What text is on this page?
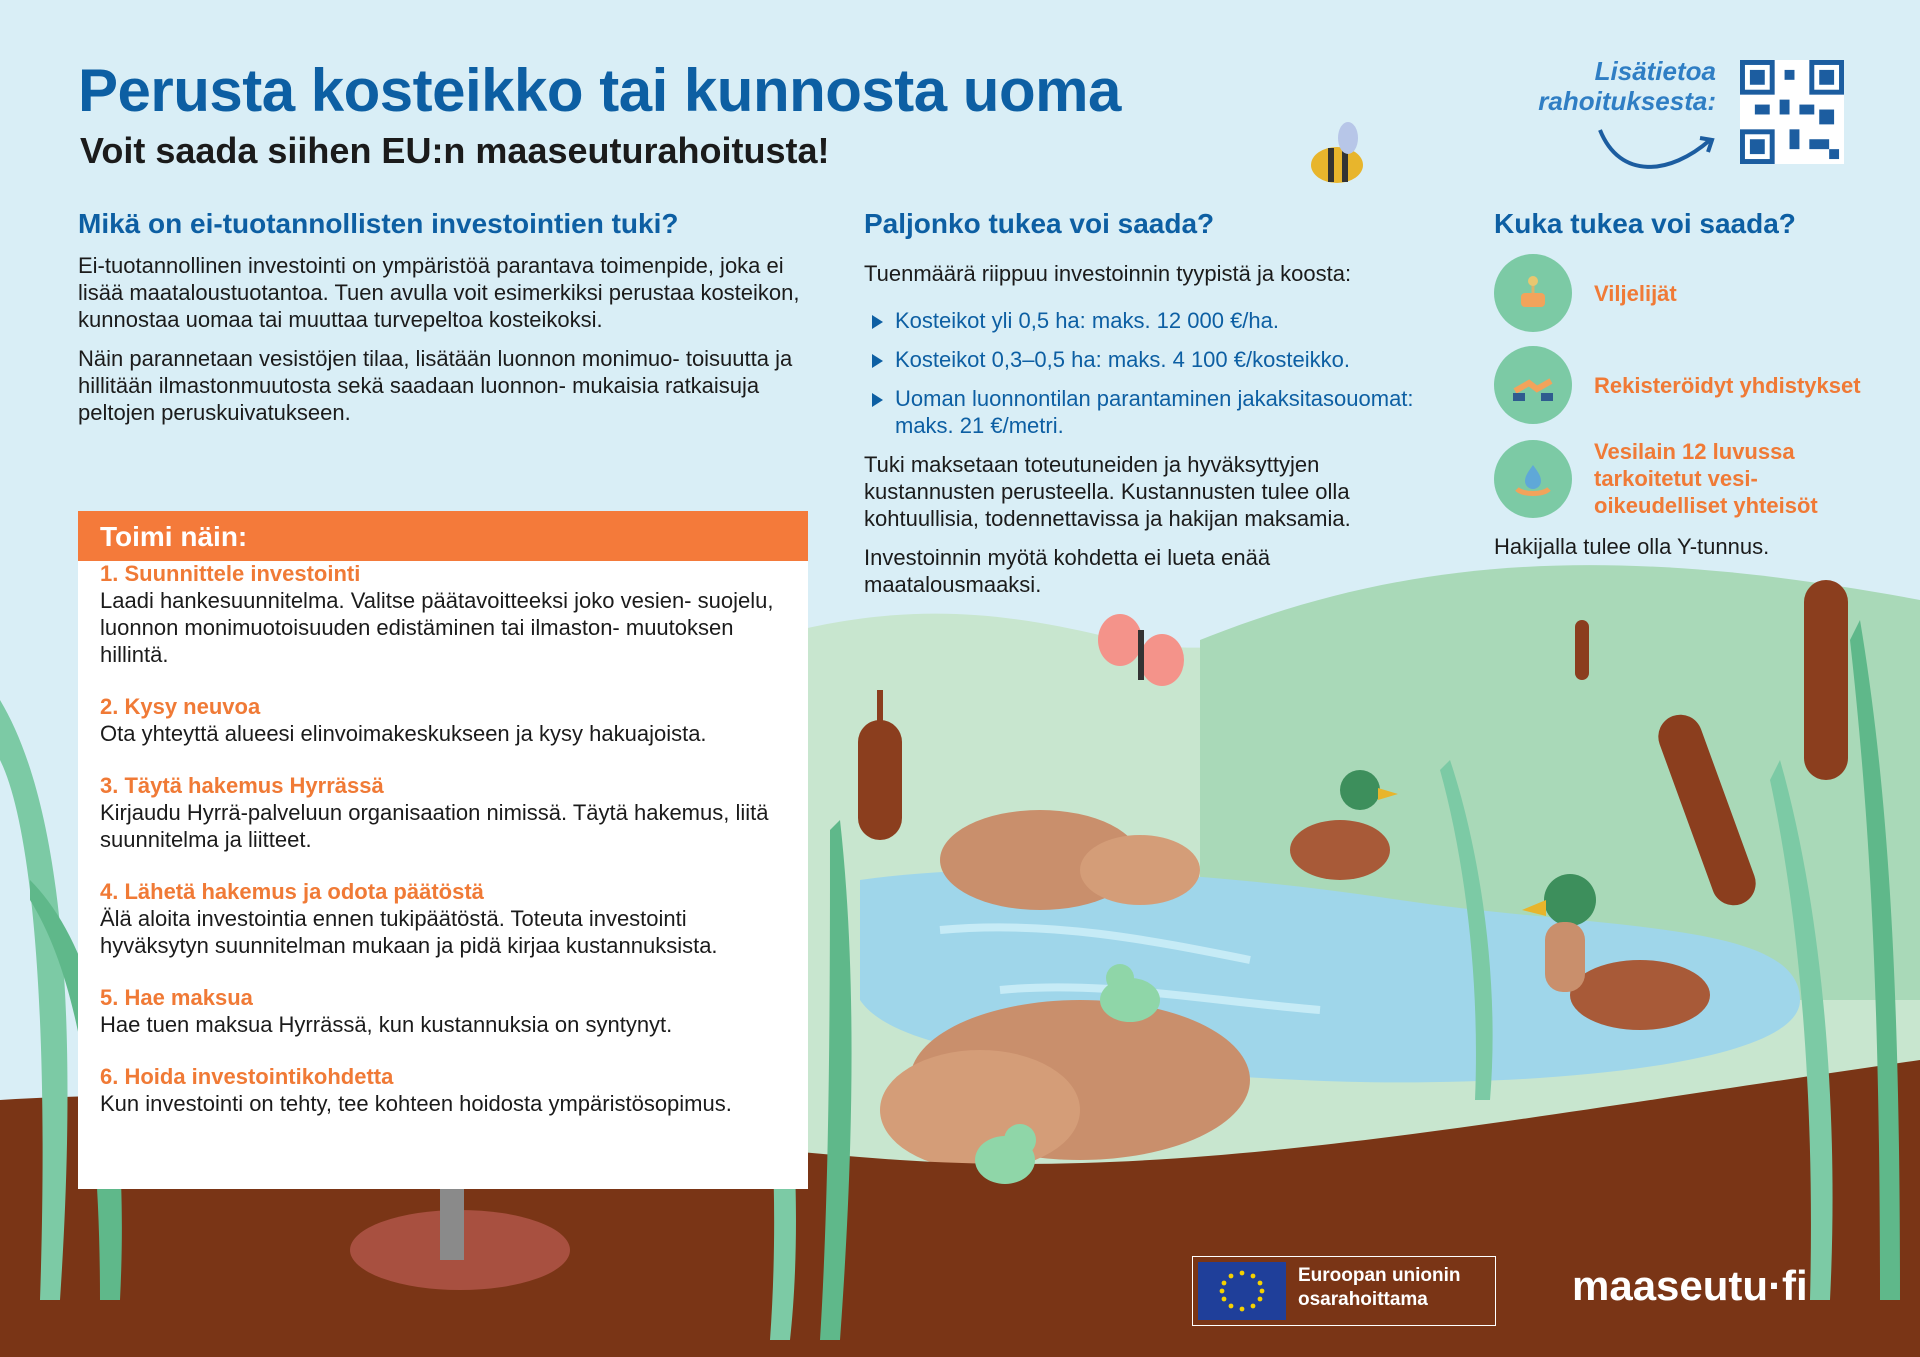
Perusta kosteikko tai kunnosta uoma
Voit saada siihen EU:n maaseuturahoitusta!
Lisätietoa
rahoituksesta:
Mikä on ei-tuotannollisten investointien tuki?

Ei-tuotannollinen investointi on ympäristöä parantava toimenpide, joka ei lisää maataloustuotantoa. Tuen avulla voit esimerkiksi perustaa kosteikon, kunnostaa uomaa tai muuttaa turvepeltoa kosteikoksi.

Näin parannetaan vesistöjen tilaa, lisätään luonnon monimuo- toisuutta ja hillitään ilmastonmuutosta sekä saadaan luonnon- mukaisia ratkaisuja peltojen peruskuivatukseen.

Toimi näin:
1. Suunnittele investointi
Laadi hankesuunnitelma. Valitse päätavoitteeksi joko vesien- suojelu, luonnon monimuotoisuuden edistäminen tai ilmaston- muutoksen hillintä.
2. Kysy neuvoa
Ota yhteyttä alueesi elinvoimakeskukseen ja kysy hakuajoista.
3. Täytä hakemus Hyrrässä
Kirjaudu Hyrrä-palveluun organisaation nimissä. Täytä hakemus, liitä suunnitelma ja liitteet.
4. Lähetä hakemus ja odota päätöstä
Älä aloita investointia ennen tukipäätöstä. Toteuta investointi hyväksytyn suunnitelman mukaan ja pidä kirjaa kustannuksista.
5. Hae maksua
Hae tuen maksua Hyrrässä, kun kustannuksia on syntynyt.
6. Hoida investointikohdetta
Kun investointi on tehty, tee kohteen hoidosta ympäristösopimus.
Paljonko tukea voi saada?
Tuenmäärä riippuu investoinnin tyypistä ja koosta:
Kosteikot yli 0,5 ha: maks. 12 000 €/ha.
Kosteikot 0,3–0,5 ha: maks. 4 100 €/kosteikko.
Uoman luonnontilan parantaminen jakaksitasouomat: maks. 21 €/metri.

Tuki maksetaan toteutuneiden ja hyväksyttyjen kustannusten perusteella. Kustannusten tulee olla kohtuullisia, todennettavissa ja hakijan maksamia.

Investoinnin myötä kohdetta ei lueta enää maatalousmaaksi.

Kuka tukea voi saada?
Viljelijät
Rekisteröidyt yhdistykset
Vesilain 12 luvussa tarkoitetut vesi- oikeudelliset yhteisöt
Hakijalla tulee olla Y-tunnus.
Euroopan unionin
osarahoittama	maaseutu·fi
